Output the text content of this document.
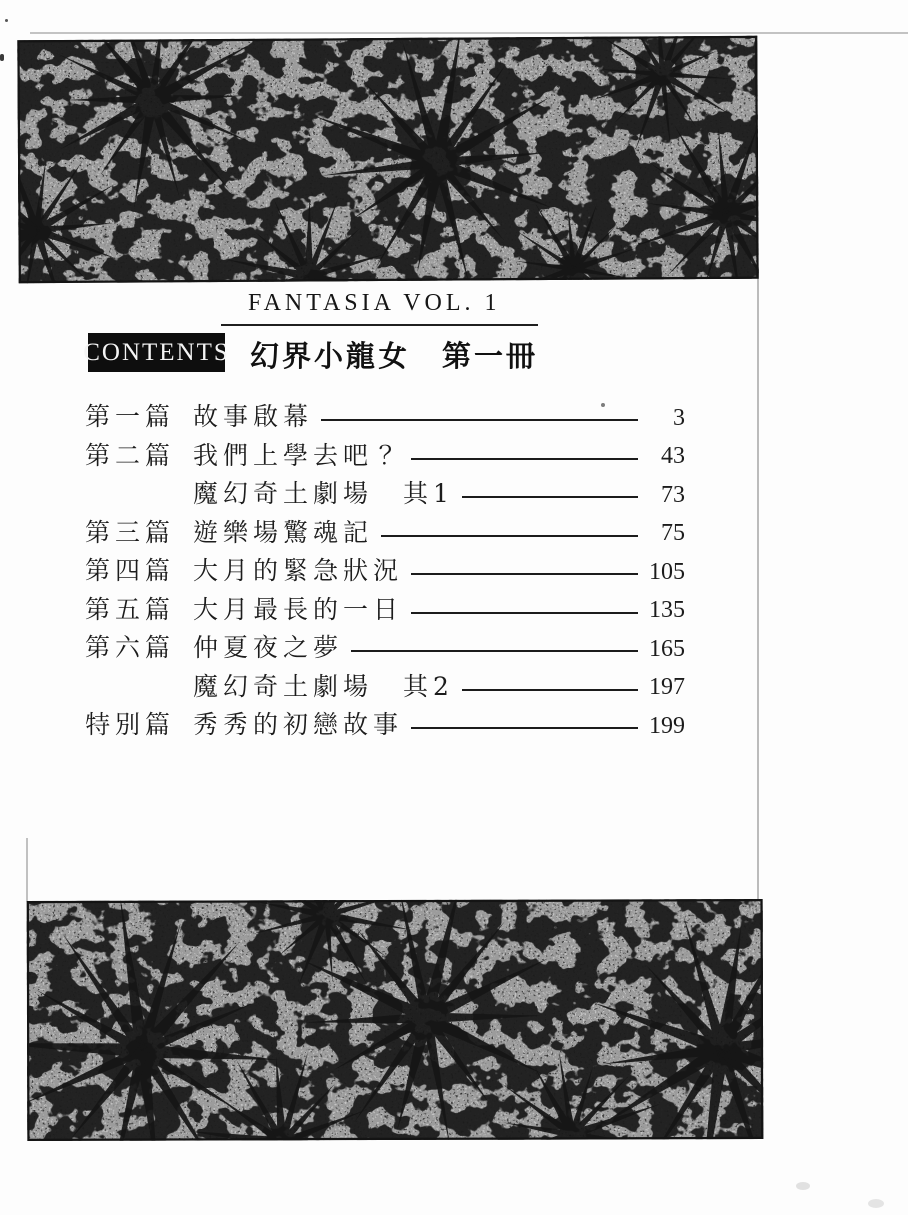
FANTASIA VOL. 1
CONTENTS 幻界小龍女　第一冊
第一篇 故事啟幕	3
第二篇 我們上學去吧？	43
魔幻奇土劇場　其1	73
第三篇 遊樂場驚魂記	75
第四篇 大月的緊急狀況	105
第五篇 大月最長的一日	135
第六篇 仲夏夜之夢	165
魔幻奇土劇場　其2	197
特別篇 秀秀的初戀故事	199
